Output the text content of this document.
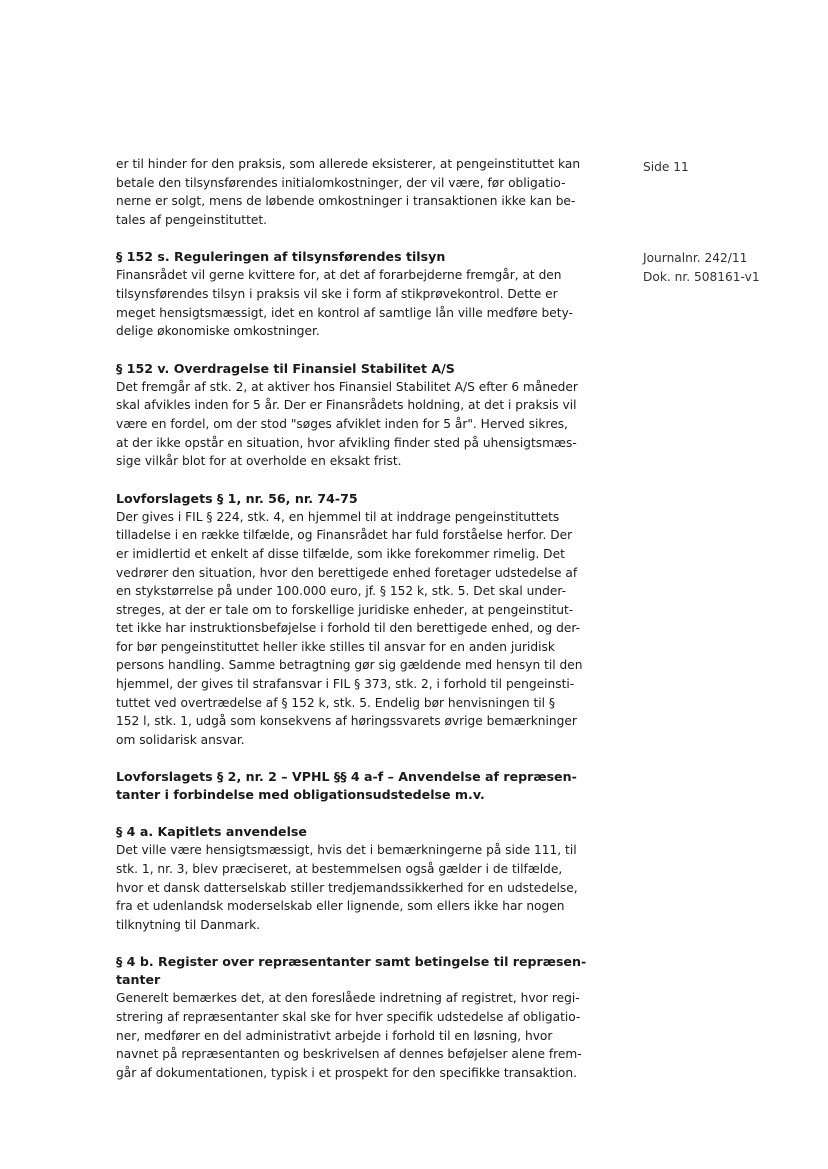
Side 11
Journalnr. 242/11
Dok. nr. 508161-v1
er til hinder for den praksis, som allerede eksisterer, at pengeinstituttet kan
betale den tilsynsførendes initialomkostninger, der vil være, før obligatio-
nerne er solgt, mens de løbende omkostninger i transaktionen ikke kan be-
tales af pengeinstituttet.
§ 152 s. Reguleringen af tilsynsførendes tilsyn
Finansrådet vil gerne kvittere for, at det af forarbejderne fremgår, at den
tilsynsførendes tilsyn i praksis vil ske i form af stikprøvekontrol. Dette er
meget hensigtsmæssigt, idet en kontrol af samtlige lån ville medføre bety-
delige økonomiske omkostninger.
§ 152 v. Overdragelse til Finansiel Stabilitet A/S
Det fremgår af stk. 2, at aktiver hos Finansiel Stabilitet A/S efter 6 måneder
skal afvikles inden for 5 år. Der er Finansrådets holdning, at det i praksis vil
være en fordel, om der stod "søges afviklet inden for 5 år". Herved sikres,
at der ikke opstår en situation, hvor afvikling finder sted på uhensigtsmæs-
sige vilkår blot for at overholde en eksakt frist.
Lovforslagets § 1, nr. 56, nr. 74-75
Der gives i FIL § 224, stk. 4, en hjemmel til at inddrage pengeinstituttets
tilladelse i en række tilfælde, og Finansrådet har fuld forståelse herfor. Der
er imidlertid et enkelt af disse tilfælde, som ikke forekommer rimelig. Det
vedrører den situation, hvor den berettigede enhed foretager udstedelse af
en stykstørrelse på under 100.000 euro, jf. § 152 k, stk. 5. Det skal under-
streges, at der er tale om to forskellige juridiske enheder, at pengeinstitut-
tet ikke har instruktionsbeføjelse i forhold til den berettigede enhed, og der-
for bør pengeinstituttet heller ikke stilles til ansvar for en anden juridisk
persons handling. Samme betragtning gør sig gældende med hensyn til den
hjemmel, der gives til strafansvar i FIL § 373, stk. 2, i forhold til pengeinsti-
tuttet ved overtrædelse af § 152 k, stk. 5. Endelig bør henvisningen til §
152 l, stk. 1, udgå som konsekvens af høringssvarets øvrige bemærkninger
om solidarisk ansvar.
Lovforslagets § 2, nr. 2 – VPHL §§ 4 a-f – Anvendelse af repræsen-
tanter i forbindelse med obligationsudstedelse m.v.
§ 4 a. Kapitlets anvendelse
Det ville være hensigtsmæssigt, hvis det i bemærkningerne på side 111, til
stk. 1, nr. 3, blev præciseret, at bestemmelsen også gælder i de tilfælde,
hvor et dansk datterselskab stiller tredjemandssikkerhed for en udstedelse,
fra et udenlandsk moderselskab eller lignende, som ellers ikke har nogen
tilknytning til Danmark.
§ 4 b. Register over repræsentanter samt betingelse til repræsen-
tanter
Generelt bemærkes det, at den foreslåede indretning af registret, hvor regi-
strering af repræsentanter skal ske for hver specifik udstedelse af obligatio-
ner, medfører en del administrativt arbejde i forhold til en løsning, hvor
navnet på repræsentanten og beskrivelsen af dennes beføjelser alene frem-
går af dokumentationen, typisk i et prospekt for den specifikke transaktion.
